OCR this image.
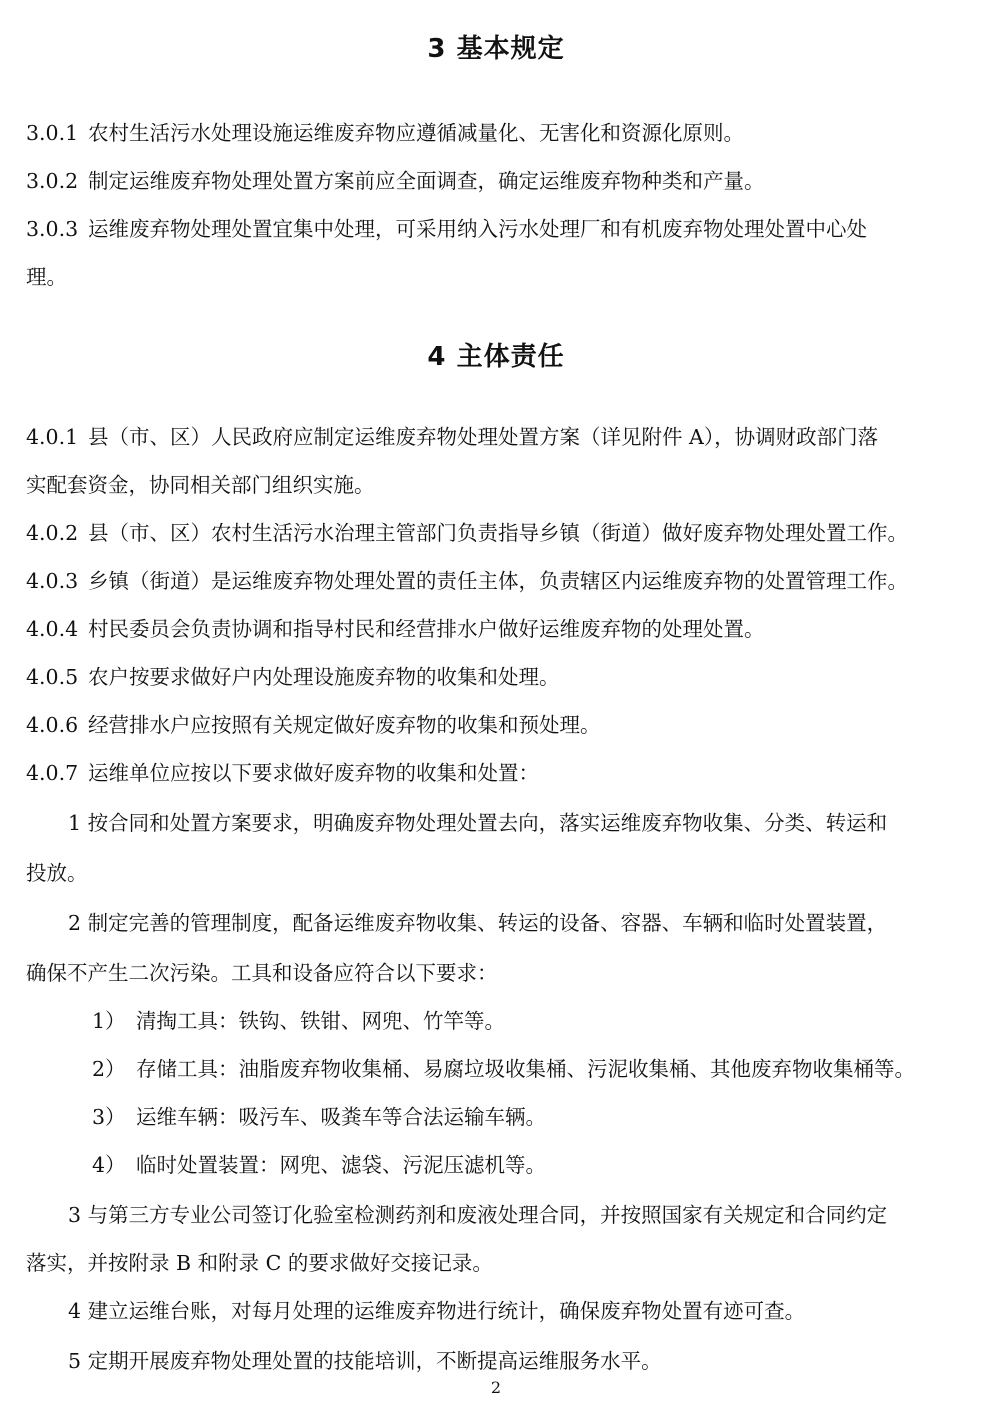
3 基本规定
3.0.1 农村生活污水处理设施运维废弃物应遵循减量化、无害化和资源化原则。
3.0.2 制定运维废弃物处理处置方案前应全面调查，确定运维废弃物种类和产量。
3.0.3 运维废弃物处理处置宜集中处理，可采用纳入污水处理厂和有机废弃物处理处置中心处
理。
4 主体责任
4.0.1 县（市、区）人民政府应制定运维废弃物处理处置方案（详见附件 A），协调财政部门落
实配套资金，协同相关部门组织实施。
4.0.2 县（市、区）农村生活污水治理主管部门负责指导乡镇（街道）做好废弃物处理处置工作。
4.0.3 乡镇（街道）是运维废弃物处理处置的责任主体，负责辖区内运维废弃物的处置管理工作。
4.0.4 村民委员会负责协调和指导村民和经营排水户做好运维废弃物的处理处置。
4.0.5 农户按要求做好户内处理设施废弃物的收集和处理。
4.0.6 经营排水户应按照有关规定做好废弃物的收集和预处理。
4.0.7 运维单位应按以下要求做好废弃物的收集和处置：
1 按合同和处置方案要求，明确废弃物处理处置去向，落实运维废弃物收集、分类、转运和
投放。
2 制定完善的管理制度，配备运维废弃物收集、转运的设备、容器、车辆和临时处置装置，
确保不产生二次污染。工具和设备应符合以下要求：
1） 清掏工具：铁钩、铁钳、网兜、竹竿等。
2） 存储工具：油脂废弃物收集桶、易腐垃圾收集桶、污泥收集桶、其他废弃物收集桶等。
3） 运维车辆：吸污车、吸粪车等合法运输车辆。
4） 临时处置装置：网兜、滤袋、污泥压滤机等。
3 与第三方专业公司签订化验室检测药剂和废液处理合同，并按照国家有关规定和合同约定
落实，并按附录 B 和附录 C 的要求做好交接记录。
4 建立运维台账，对每月处理的运维废弃物进行统计，确保废弃物处置有迹可查。
5 定期开展废弃物处理处置的技能培训，不断提高运维服务水平。
2
